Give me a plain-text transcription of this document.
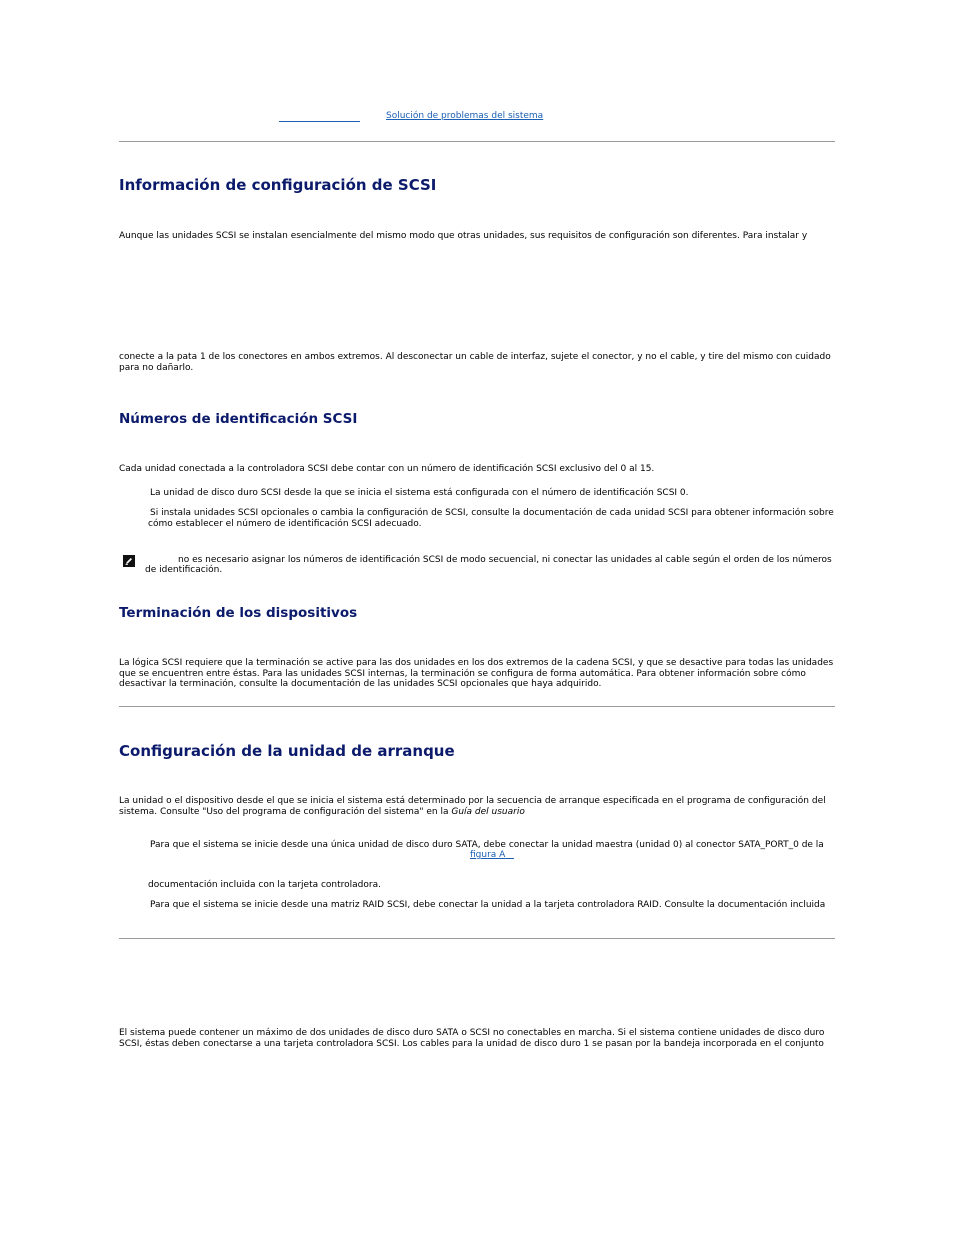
Solución de problemas del sistema
Información de configuración de SCSI
Aunque las unidades SCSI se instalan esencialmente del mismo modo que otras unidades, sus requisitos de configuración son diferentes. Para instalar y
conecte a la pata 1 de los conectores en ambos extremos. Al desconectar un cable de interfaz, sujete el conector, y no el cable, y tire del mismo con cuidado para no dañarlo.
Números de identificación SCSI
Cada unidad conectada a la controladora SCSI debe contar con un número de identificación SCSI exclusivo del 0 al 15.
La unidad de disco duro SCSI desde la que se inicia el sistema está configurada con el número de identificación SCSI 0.
Si instala unidades SCSI opcionales o cambia la configuración de SCSI, consulte la documentación de cada unidad SCSI para obtener información sobre cómo establecer el número de identificación SCSI adecuado.
no es necesario asignar los números de identificación SCSI de modo secuencial, ni conectar las unidades al cable según el orden de los números
de identificación.
Terminación de los dispositivos
La lógica SCSI requiere que la terminación se active para las dos unidades en los dos extremos de la cadena SCSI, y que se desactive para todas las unidades que se encuentren entre éstas. Para las unidades SCSI internas, la terminación se configura de forma automática. Para obtener información sobre cómo desactivar la terminación, consulte la documentación de las unidades SCSI opcionales que haya adquirido.
Configuración de la unidad de arranque
La unidad o el dispositivo desde el que se inicia el sistema está determinado por la secuencia de arranque especificada en el programa de configuración del sistema. Consulte "Uso del programa de configuración del sistema" en la Guía del usuario
Para que el sistema se inicie desde una única unidad de disco duro SATA, debe conectar la unidad maestra (unidad 0) al conector SATA_PORT_0 de la
figura A
documentación incluida con la tarjeta controladora.
Para que el sistema se inicie desde una matriz RAID SCSI, debe conectar la unidad a la tarjeta controladora RAID. Consulte la documentación incluida
El sistema puede contener un máximo de dos unidades de disco duro SATA o SCSI no conectables en marcha. Si el sistema contiene unidades de disco duro SCSI, éstas deben conectarse a una tarjeta controladora SCSI. Los cables para la unidad de disco duro 1 se pasan por la bandeja incorporada en el conjunto
